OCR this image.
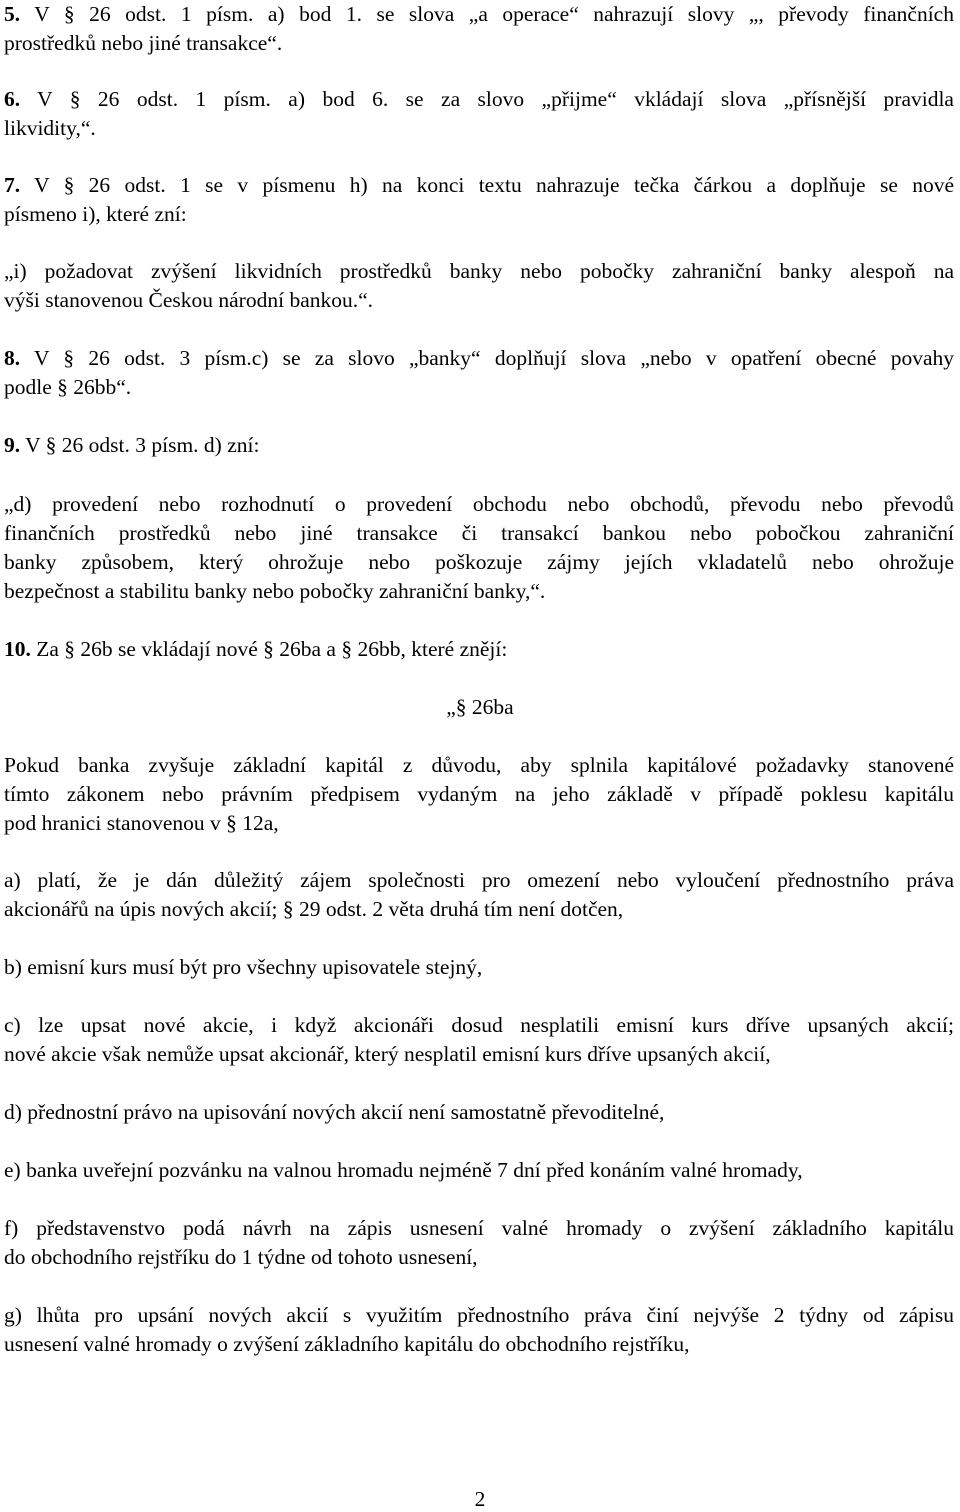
5. V § 26 odst. 1 písm. a) bod 1. se slova „a operace“ nahrazují slovy „, převody finančních
prostředků nebo jiné transakce“.
6. V § 26 odst. 1 písm. a) bod 6. se za slovo „přijme“ vkládají slova „přísnější pravidla
likvidity,“.
7. V § 26 odst. 1 se v písmenu h) na konci textu nahrazuje tečka čárkou a doplňuje se nové
písmeno i), které zní:
„i) požadovat zvýšení likvidních prostředků banky nebo pobočky zahraniční banky alespoň na
výši stanovenou Českou národní bankou.“.
8. V § 26 odst. 3 písm.c) se za slovo „banky“ doplňují slova „nebo v opatření obecné povahy
podle § 26bb“.
9. V § 26 odst. 3 písm. d) zní:
„d) provedení nebo rozhodnutí o provedení obchodu nebo obchodů, převodu nebo převodů
finančních prostředků nebo jiné transakce či transakcí bankou nebo pobočkou zahraniční
banky způsobem, který ohrožuje nebo poškozuje zájmy jejích vkladatelů nebo ohrožuje
bezpečnost a stabilitu banky nebo pobočky zahraniční banky,“.
10. Za § 26b se vkládají nové § 26ba a § 26bb, které znějí:
„§ 26ba
Pokud banka zvyšuje základní kapitál z důvodu, aby splnila kapitálové požadavky stanovené
tímto zákonem nebo právním předpisem vydaným na jeho základě v případě poklesu kapitálu
pod hranici stanovenou v § 12a,
a) platí, že je dán důležitý zájem společnosti pro omezení nebo vyloučení přednostního práva
akcionářů na úpis nových akcií; § 29 odst. 2 věta druhá tím není dotčen,
b) emisní kurs musí být pro všechny upisovatele stejný,
c) lze upsat nové akcie, i když akcionáři dosud nesplatili emisní kurs dříve upsaných akcií;
nové akcie však nemůže upsat akcionář, který nesplatil emisní kurs dříve upsaných akcií,
d) přednostní právo na upisování nových akcií není samostatně převoditelné,
e) banka uveřejní pozvánku na valnou hromadu nejméně 7 dní před konáním valné hromady,
f) představenstvo podá návrh na zápis usnesení valné hromady o zvýšení základního kapitálu
do obchodního rejstříku do 1 týdne od tohoto usnesení,
g) lhůta pro upsání nových akcií s využitím přednostního práva činí nejvýše 2 týdny od zápisu
usnesení valné hromady o zvýšení základního kapitálu do obchodního rejstříku,
2
